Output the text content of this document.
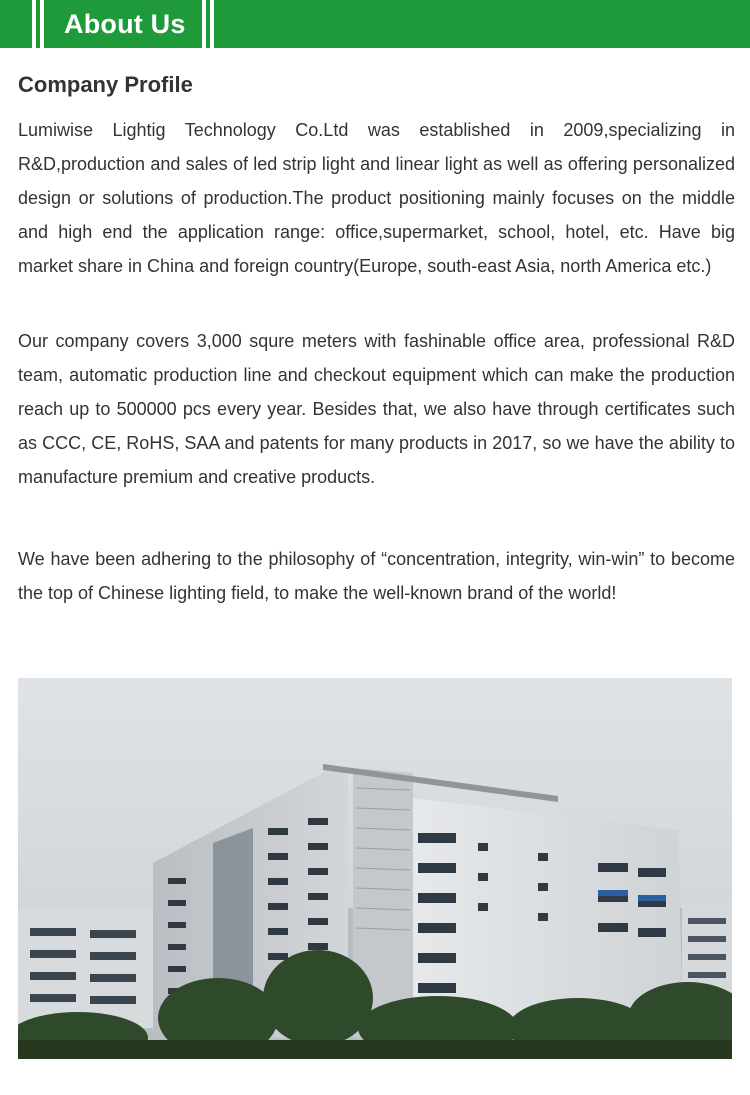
About Us
Company Profile

Lumiwise Lightig Technology Co.Ltd was established in 2009,specializing in R&D,production and sales of led strip light and linear light as well as offering personalized design or solutions of production.The product positioning mainly focuses on the middle and high end the application range: office,supermarket, school, hotel, etc. Have big market share in China and foreign country(Europe, south-east Asia, north America etc.)

Our company covers 3,000 squre meters with fashinable office area, professional R&D team, automatic production line and checkout equipment which can make the production reach up to 500000 pcs every year. Besides that, we also have through certificates such as CCC, CE, RoHS, SAA and patents for many products in 2017, so we have the ability to manufacture premium and creative products.

We have been adhering to the philosophy of “concentration, integrity, win-win” to become the top of Chinese lighting field, to make the well-known brand of the world!
